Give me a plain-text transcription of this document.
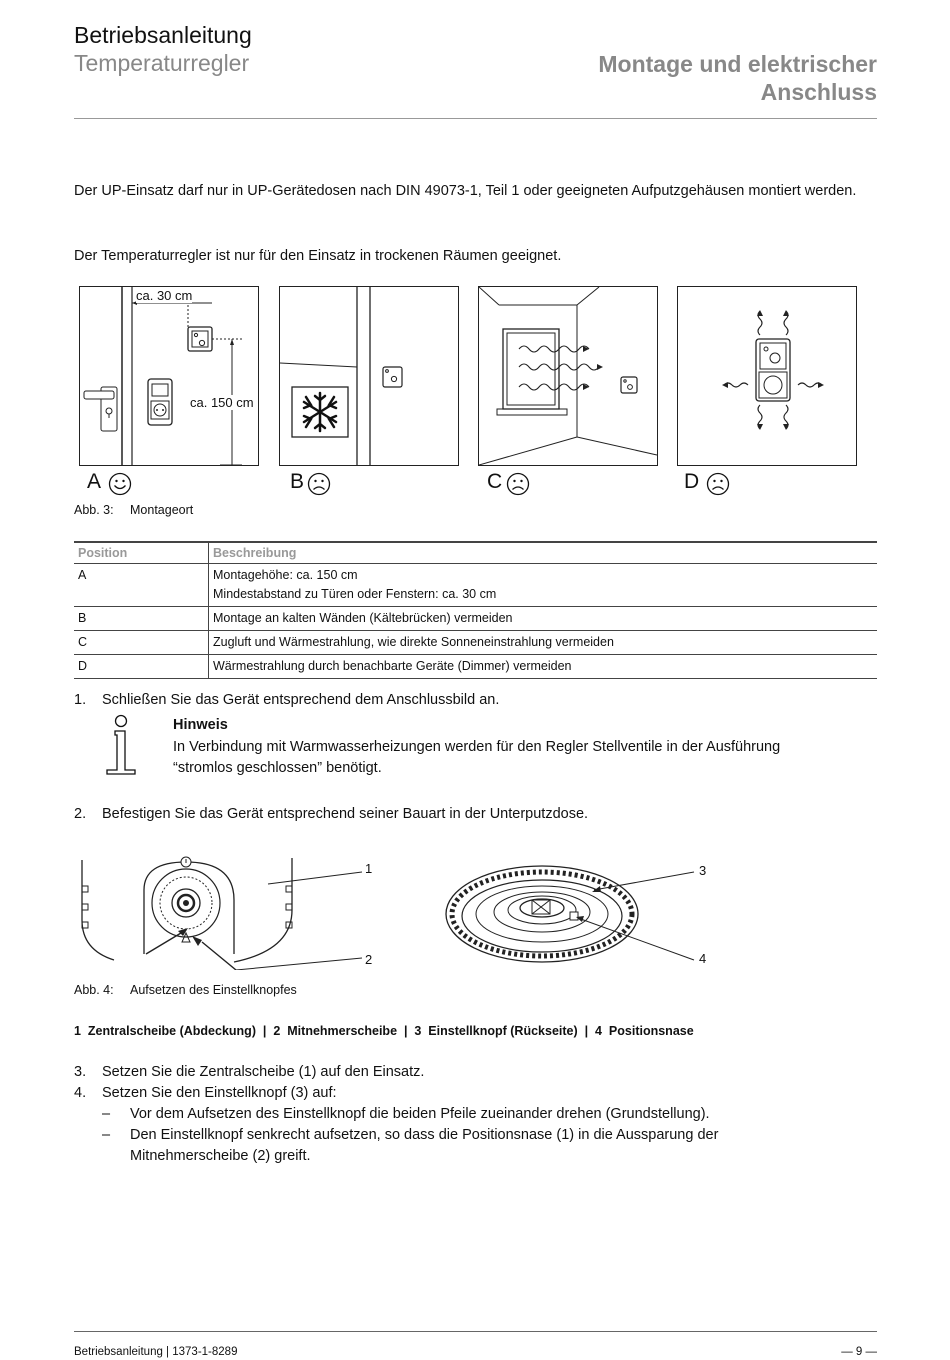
Betriebsanleitung
Temperaturregler	Montage und elektrischer
Anschluss
Der UP-Einsatz darf nur in UP-Gerätedosen nach DIN 49073-1, Teil 1 oder geeigneten Aufputzgehäusen montiert werden.
Der Temperaturregler ist nur für den Einsatz in trockenen Räumen geeignet.
ca. 30 cm
ca. 150 cm
A	B	C	D
Abb. 3: Montageort
Position	Beschreibung
A	Montagehöhe: ca. 150 cm
Mindestabstand zu Türen oder Fenstern: ca. 30 cm

B	Montage an kalten Wänden (Kältebrücken) vermeiden
C	Zugluft und Wärmestrahlung, wie direkte Sonneneinstrahlung vermeiden
D	Wärmestrahlung durch benachbarte Geräte (Dimmer) vermeiden
1. Schließen Sie das Gerät entsprechend dem Anschlussbild an.
Hinweis
In Verbindung mit Warmwasserheizungen werden für den Regler Stellventile in der Ausführung
“stromlos geschlossen” benötigt.
2. Befestigen Sie das Gerät entsprechend seiner Bauart in der Unterputzdose.
1
2
3
4
Abb. 4: Aufsetzen des Einstellknopfes
1  Zentralscheibe (Abdeckung)  |  2  Mitnehmerscheibe  |  3  Einstellknopf (Rückseite)  |  4  Positionsnase
3. Setzen Sie die Zentralscheibe (1) auf den Einsatz.
4. Setzen Sie den Einstellknopf (3) auf:
– Vor dem Aufsetzen des Einstellknopf die beiden Pfeile zueinander drehen (Grundstellung).
– Den Einstellknopf senkrecht aufsetzen, so dass die Positionsnase (1) in die Aussparung der
Mitnehmerscheibe (2) greift.
Betriebsanleitung | 1373-1-8289	— 9 —
